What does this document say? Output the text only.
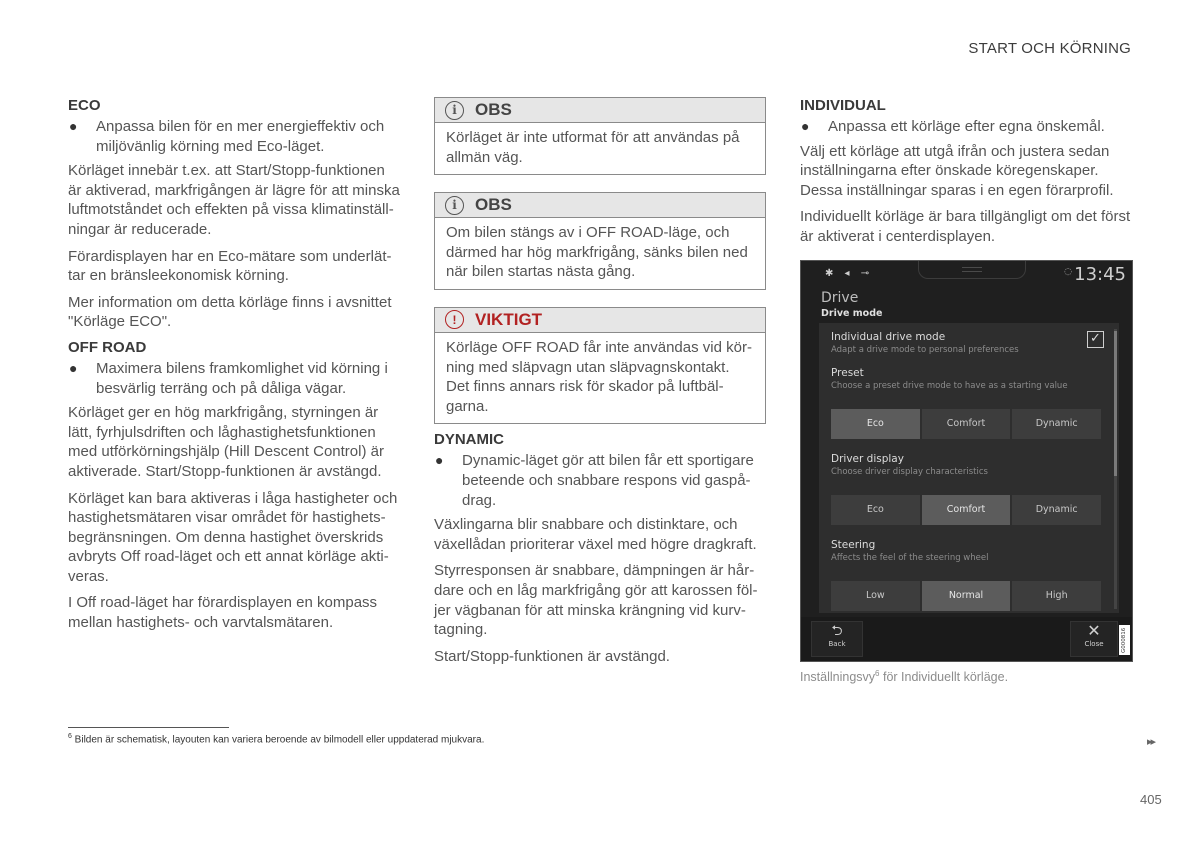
START OCH KÖRNING
ECO
● Anpassa bilen för en mer energieffektiv och miljövänlig körning med Eco-läget.
Körläget innebär t.ex. att Start/Stopp-funktionen är aktiverad, markfrigången är lägre för att minska luftmotståndet och effekten på vissa klimatinställ-ningar är reducerade.
Förardisplayen har en Eco-mätare som underlät-tar en bränsleekonomisk körning.
Mer information om detta körläge finns i avsnittet "Körläge ECO".
OFF ROAD
● Maximera bilens framkomlighet vid körning i besvärlig terräng och på dåliga vägar.
Körläget ger en hög markfrigång, styrningen är lätt, fyrhjulsdriften och låghastighetsfunktionen med utförkörningshjälp (Hill Descent Control) är aktiverade. Start/Stopp-funktionen är avstängd.
Körläget kan bara aktiveras i låga hastigheter och hastighetsmätaren visar området för hastighets-begränsningen. Om denna hastighet överskrids avbryts Off road-läget och ett annat körläge akti-veras.
I Off road-läget har förardisplayen en kompass mellan hastighets- och varvtalsmätaren.
i	OBS
Körläget är inte utformat för att användas på allmän väg.
i	OBS
Om bilen stängs av i OFF ROAD-läge, och därmed har hög markfrigång, sänks bilen ned när bilen startas nästa gång.
!	VIKTIGT
Körläge OFF ROAD får inte användas vid kör-ning med släpvagn utan släpvagnskontakt. Det finns annars risk för skador på luftbäl-garna.
DYNAMIC
● Dynamic-läget gör att bilen får ett sportigare beteende och snabbare respons vid gaspå-drag.
Växlingarna blir snabbare och distinktare, och växellådan prioriterar växel med högre dragkraft.
Styrresponsen är snabbare, dämpningen är hår-dare och en låg markfrigång gör att karossen föl-jer vägbanan för att minska krängning vid kurv-tagning.
Start/Stopp-funktionen är avstängd.
INDIVIDUAL
● Anpassa ett körläge efter egna önskemål.
Välj ett körläge att utgå ifrån och justera sedan inställningarna efter önskade köregenskaper. Dessa inställningar sparas i en egen förarprofil.
Individuellt körläge är bara tillgängligt om det först är aktiverat i centerdisplayen.
✱ ◂ ⊸	◌ 13:45
Drive
Drive mode
Individual drive mode
Adapt a drive mode to personal preferences
✓
Preset
Choose a preset drive mode to have as a starting value
Eco	Comfort	Dynamic
Driver display
Choose driver display characteristics
Eco	Comfort	Dynamic
Steering
Affects the feel of the steering wheel
Low	Normal	High
⮌
Back
✕
Close	G000816
Inställningsvy$^6$ för Individuellt körläge.
$^6$ Bilden är schematisk, layouten kan variera beroende av bilmodell eller uppdaterad mjukvara.	▸▸
405
